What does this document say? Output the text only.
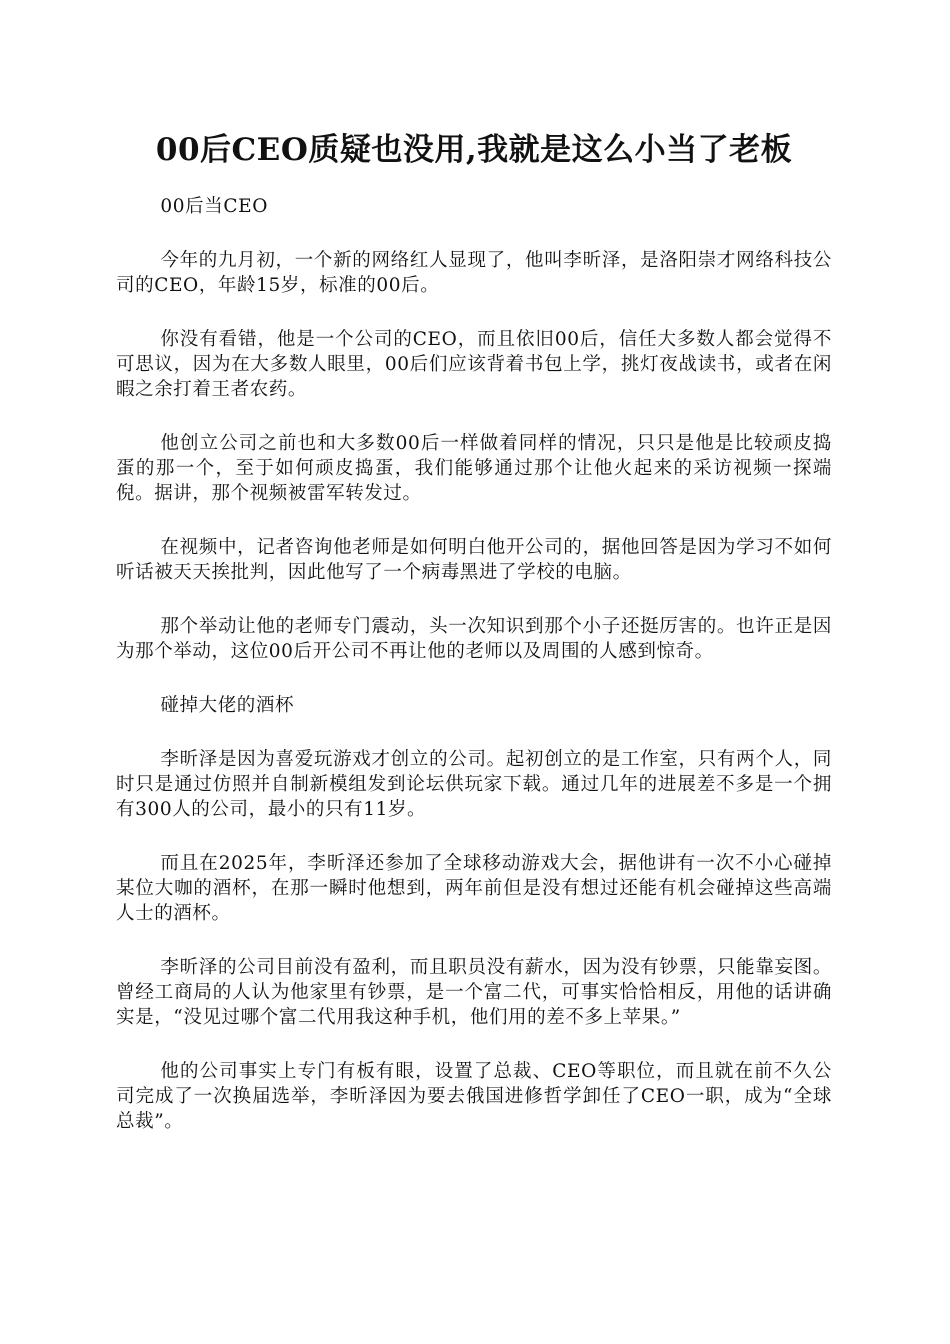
00后CEO质疑也没用,我就是这么小当了老板

00后当CEO

今年的九月初，一个新的网络红人显现了，他叫李昕泽，是洛阳崇才网络科技公司的CEO，年龄15岁，标准的00后。

你没有看错，他是一个公司的CEO，而且依旧00后，信任大多数人都会觉得不可思议，因为在大多数人眼里，00后们应该背着书包上学，挑灯夜战读书，或者在闲暇之余打着王者农药。

他创立公司之前也和大多数00后一样做着同样的情况，只只是他是比较顽皮捣蛋的那一个，至于如何顽皮捣蛋，我们能够通过那个让他火起来的采访视频一探端倪。据讲，那个视频被雷军转发过。

在视频中，记者咨询他老师是如何明白他开公司的，据他回答是因为学习不如何听话被天天挨批判，因此他写了一个病毒黑进了学校的电脑。

那个举动让他的老师专门震动，头一次知识到那个小子还挺厉害的。也许正是因为那个举动，这位00后开公司不再让他的老师以及周围的人感到惊奇。

碰掉大佬的酒杯

李昕泽是因为喜爱玩游戏才创立的公司。起初创立的是工作室，只有两个人，同时只是通过仿照并自制新模组发到论坛供玩家下载。通过几年的进展差不多是一个拥有300人的公司，最小的只有11岁。

而且在2025年，李昕泽还参加了全球移动游戏大会，据他讲有一次不小心碰掉某位大咖的酒杯，在那一瞬时他想到，两年前但是没有想过还能有机会碰掉这些高端人士的酒杯。

李昕泽的公司目前没有盈利，而且职员没有薪水，因为没有钞票，只能靠妄图。曾经工商局的人认为他家里有钞票，是一个富二代，可事实恰恰相反，用他的话讲确实是，“没见过哪个富二代用我这种手机，他们用的差不多上苹果。”

他的公司事实上专门有板有眼，设置了总裁、CEO等职位，而且就在前不久公司完成了一次换届选举，李昕泽因为要去俄国进修哲学卸任了CEO一职，成为“全球总裁”。
